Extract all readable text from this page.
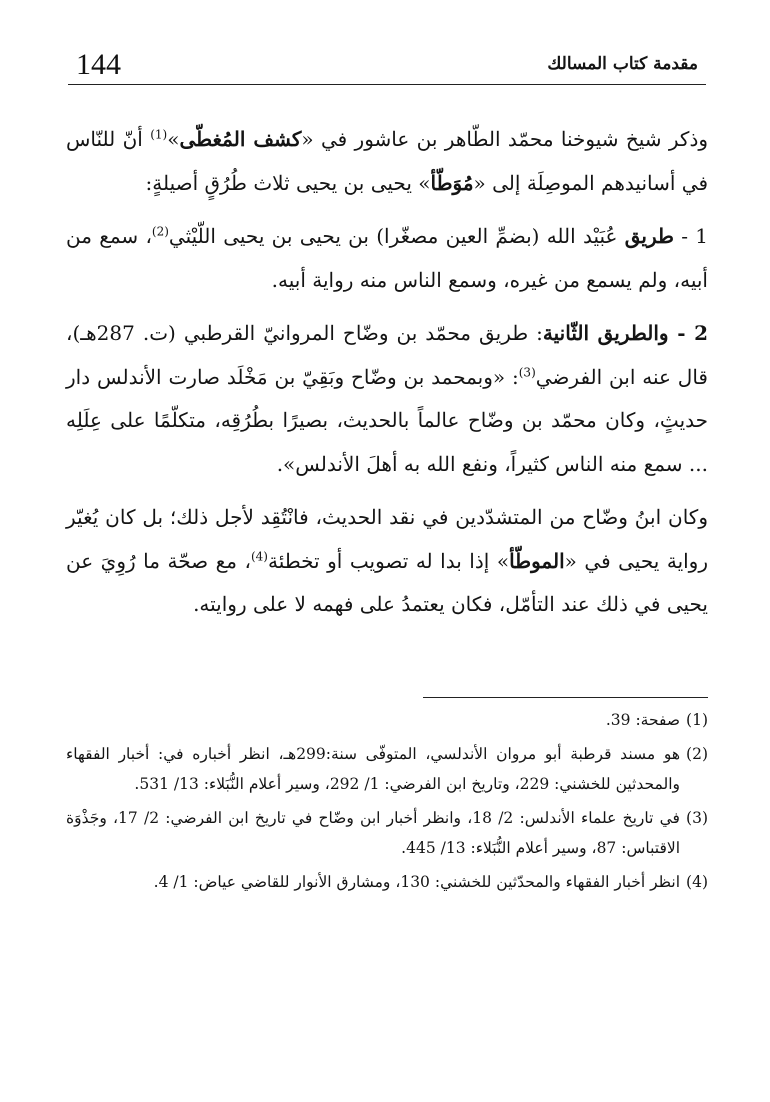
144	مقدمة كتاب المسالك

وذكر شيخ شيوخنا محمّد الطّاهر بن عاشور في «كشف المُغطّى»$^{(1)}$ أنّ للنّاس في أسانيدهم الموصِلَة إلى «مُوَطّأ» يحيى بن يحيى ثلاث طُرُقٍ أصيلةٍ:

1 - طريق عُبَيْد الله (بضمِّ العين مصغّرا) بن يحيى بن يحيى اللّيْثي$^{(2)}$، سمع من أبيه، ولم يسمع من غيره، وسمع الناس منه رواية أبيه.

2 - والطريق الثّانية: طريق محمّد بن وضّاح المروانيّ القرطبي (ت. 287هـ)، قال عنه ابن الفرضي$^{(3)}$: «وبمحمد بن وضّاح وبَقِيّ بن مَخْلَد صارت الأندلس دار حديثٍ، وكان محمّد بن وضّاح عالماً بالحديث، بصيرًا بطُرُقِه، متكلّمًا على عِلَلِه ... سمع منه الناس كثيراً، ونفع الله به أهلَ الأندلس».

وكان ابنُ وضّاح من المتشدّدين في نقد الحديث، فانْتُقِد لأجل ذلك؛ بل كان يُغيّر رواية يحيى في «الموطّأ» إذا بدا له تصويب أو تخطئة$^{(4)}$، مع صحّة ما رُوِيَ عن يحيى في ذلك عند التأمّل، فكان يعتمدُ على فهمه لا على روايته.

(1)
صفحة: 39.
(2)
هو مسند قرطبة أبو مروان الأندلسي، المتوفّى سنة:299هـ، انظر أخباره في: أخبار الفقهاء والمحدثين للخشني: 229، وتاريخ ابن الفرضي: 1/ 292، وسير أعلام النُّبَلاء: 13/ 531.
(3)
في تاريخ علماء الأندلس: 2/ 18، وانظر أخبار ابن وضّاح في تاريخ ابن الفرضي: 2/ 17، وجَذْوَة الاقتباس: 87، وسير أعلام النُّبَلاء: 13/ 445.
(4)
انظر أخبار الفقهاء والمحدّثين للخشني: 130، ومشارق الأنوار للقاضي عياض: 1/ 4.
